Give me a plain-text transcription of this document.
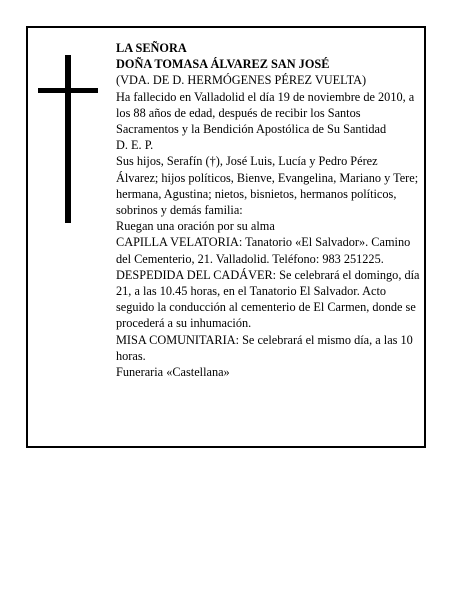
LA SEÑORA

DOÑA TOMASA ÁLVAREZ SAN JOSÉ

(VDA. DE D. HERMÓGENES PÉREZ VUELTA)

Ha fallecido en Valladolid el día 19 de noviembre de 2010, a los 88 años de edad, después de recibir los Santos Sacramentos y la Bendición Apostólica de Su Santidad

D. E. P.

Sus hijos, Serafín (†), José Luis, Lucía y Pedro Pérez Álvarez; hijos políticos, Bienve, Evangelina, Mariano y Tere; hermana, Agustina; nietos, bisnietos, hermanos políticos, sobrinos y demás familia:

Ruegan una oración por su alma

CAPILLA VELATORIA: Tanatorio «El Salvador». Camino del Cementerio, 21. Valladolid. Teléfono: 983 251225.

DESPEDIDA DEL CADÁVER: Se celebrará el domingo, día 21, a las 10.45 horas, en el Tanatorio El Salvador. Acto seguido la conducción al cementerio de El Carmen, donde se procederá a su inhumación.

MISA COMUNITARIA: Se celebrará el mismo día, a las 10 horas.

Funeraria «Castellana»
